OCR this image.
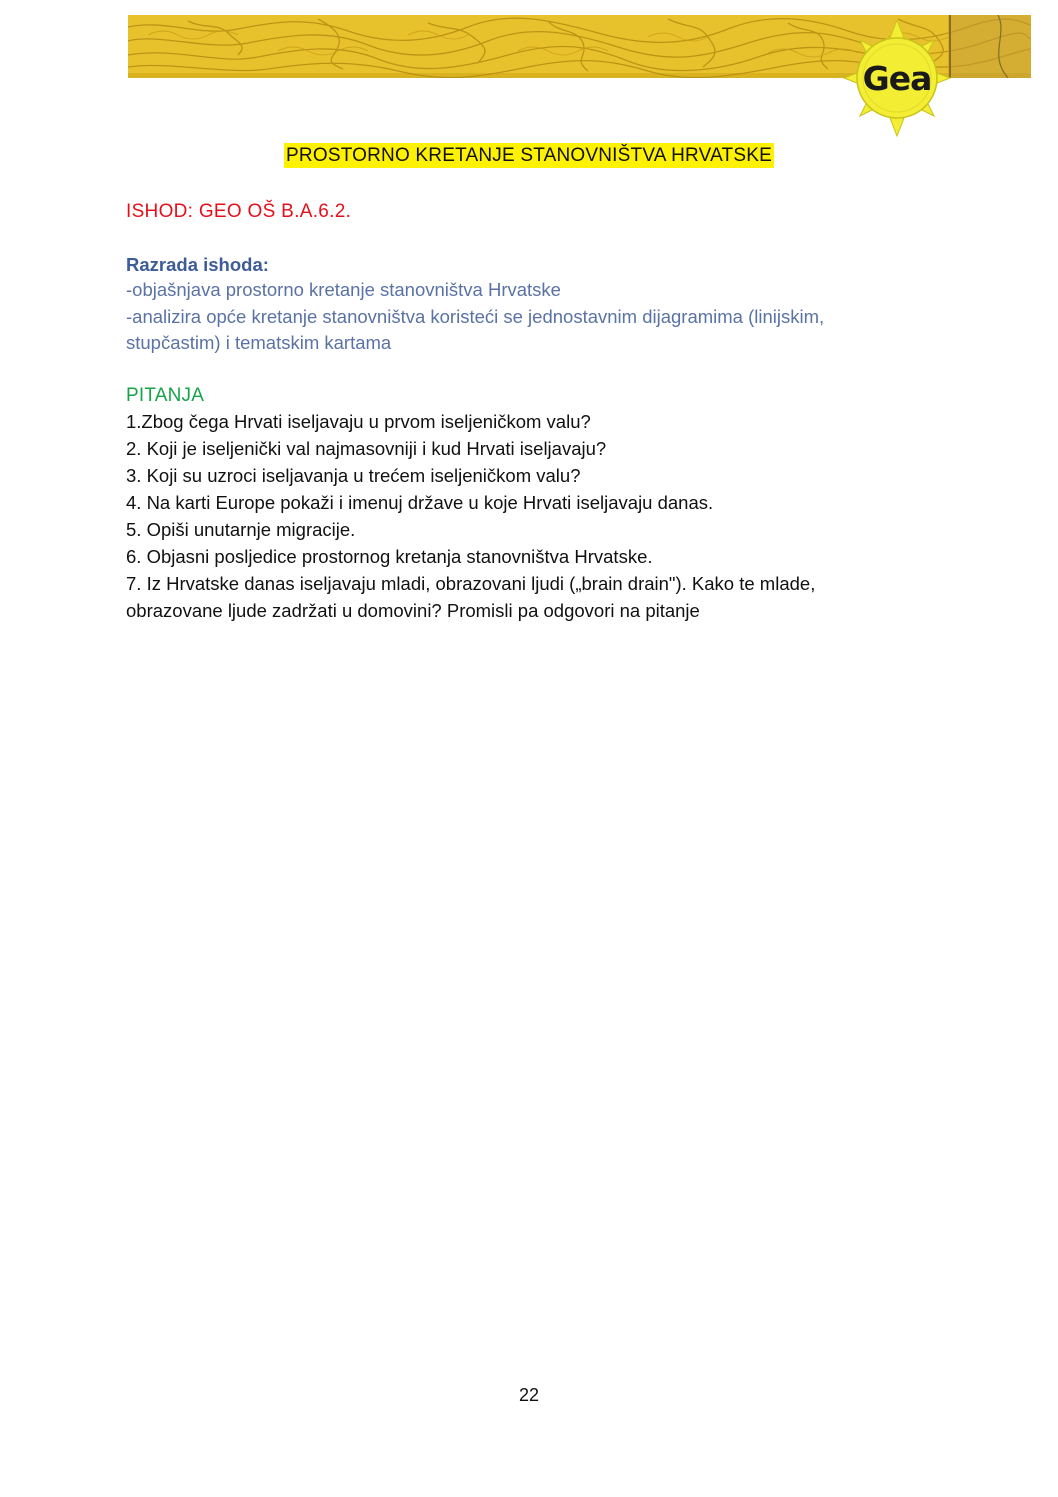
Gea
PROSTORNO KRETANJE STANOVNIŠTVA HRVATSKE
ISHOD: GEO OŠ B.A.6.2.
Razrada ishoda:
-objašnjava prostorno kretanje stanovništva Hrvatske
-analizira opće kretanje stanovništva koristeći se jednostavnim dijagramima (linijskim,
stupčastim) i tematskim kartama
PITANJA
1.Zbog čega Hrvati iseljavaju u prvom iseljeničkom valu?
2. Koji je iseljenički val najmasovniji i kud Hrvati iseljavaju?
3. Koji su uzroci iseljavanja u trećem iseljeničkom valu?
4. Na karti Europe pokaži i imenuj države u koje Hrvati iseljavaju danas.
5. Opiši unutarnje migracije.
6. Objasni posljedice prostornog kretanja stanovništva Hrvatske.
7. Iz Hrvatske danas iseljavaju mladi, obrazovani ljudi („brain drain"). Kako te mlade,
obrazovane ljude zadržati u domovini? Promisli pa odgovori na pitanje
22
